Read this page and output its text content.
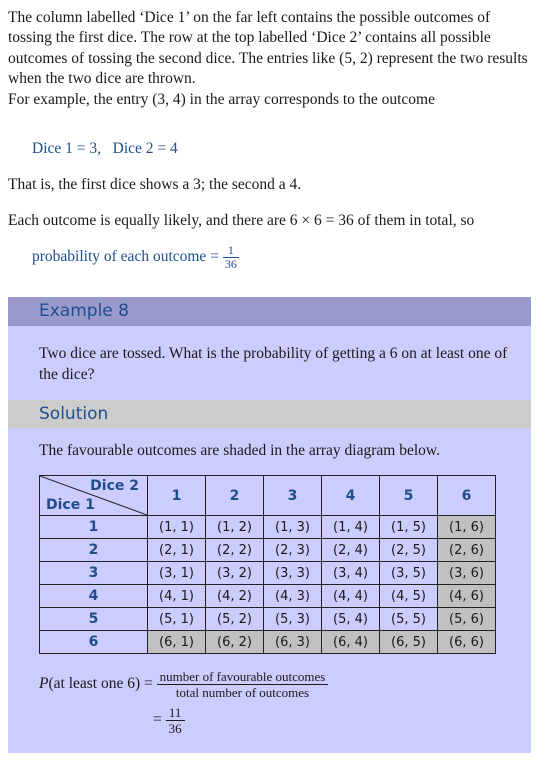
The column labelled ‘Dice 1’ on the far left contains the possible outcomes of tossing the first dice. The row at the top labelled ‘Dice 2’ contains all possible outcomes of tossing the second dice. The entries like (5, 2) represent the two results when the two dice are thrown.

For example, the entry (3, 4) in the array corresponds to the outcome

Dice 1 = 3,   Dice 2 = 4

That is, the first dice shows a 3; the second a 4.

Each outcome is equally likely, and there are 6 × 6 = 36 of them in total, so

probability of each outcome = $\frac{1}{36}$
Example 8
Two dice are tossed. What is the probability of getting a 6 on at least one of the dice?
Solution
The favourable outcomes are shaded in the array diagram below.
Dice 2
Dice 1	1	2	3	4	5	6
1	(1, 1)	(1, 2)	(1, 3)	(1, 4)	(1, 5)	(1, 6)
2	(2, 1)	(2, 2)	(2, 3)	(2, 4)	(2, 5)	(2, 6)
3	(3, 1)	(3, 2)	(3, 3)	(3, 4)	(3, 5)	(3, 6)
4	(4, 1)	(4, 2)	(4, 3)	(4, 4)	(4, 5)	(4, 6)
5	(5, 1)	(5, 2)	(5, 3)	(5, 4)	(5, 5)	(5, 6)
6	(6, 1)	(6, 2)	(6, 3)	(6, 4)	(6, 5)	(6, 6)
P(at least one $6) = \frac{\text{number of favourable outcomes}}{\text{total number of outcomes}}$
= $\frac{11}{36}$
